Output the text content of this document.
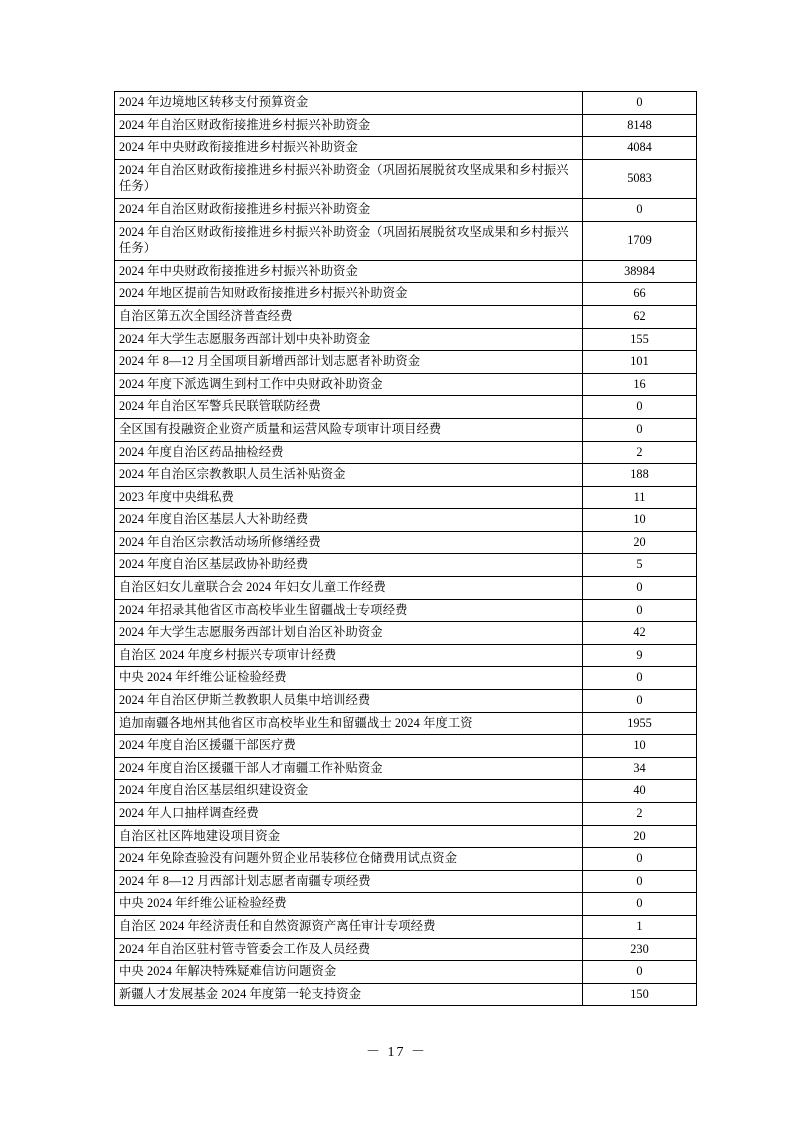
2024 年边境地区转移支付预算资金	0
2024 年自治区财政衔接推进乡村振兴补助资金	8148
2024 年中央财政衔接推进乡村振兴补助资金	4084
2024 年自治区财政衔接推进乡村振兴补助资金（巩固拓展脱贫攻坚成果和乡村振兴任务）	5083
2024 年自治区财政衔接推进乡村振兴补助资金	0
2024 年自治区财政衔接推进乡村振兴补助资金（巩固拓展脱贫攻坚成果和乡村振兴任务）	1709
2024 年中央财政衔接推进乡村振兴补助资金	38984
2024 年地区提前告知财政衔接推进乡村振兴补助资金	66
自治区第五次全国经济普查经费	62
2024 年大学生志愿服务西部计划中央补助资金	155
2024 年 8—12 月全国项目新增西部计划志愿者补助资金	101
2024 年度下派选调生到村工作中央财政补助资金	16
2024 年自治区军警兵民联管联防经费	0
全区国有投融资企业资产质量和运营风险专项审计项目经费	0
2024 年度自治区药品抽检经费	2
2024 年自治区宗教教职人员生活补贴资金	188
2023 年度中央缉私费	11
2024 年度自治区基层人大补助经费	10
2024 年自治区宗教活动场所修缮经费	20
2024 年度自治区基层政协补助经费	5
自治区妇女儿童联合会 2024 年妇女儿童工作经费	0
2024 年招录其他省区市高校毕业生留疆战士专项经费	0
2024 年大学生志愿服务西部计划自治区补助资金	42
自治区 2024 年度乡村振兴专项审计经费	9
中央 2024 年纤维公证检验经费	0
2024 年自治区伊斯兰教教职人员集中培训经费	0
追加南疆各地州其他省区市高校毕业生和留疆战士 2024 年度工资	1955
2024 年度自治区援疆干部医疗费	10
2024 年度自治区援疆干部人才南疆工作补贴资金	34
2024 年度自治区基层组织建设资金	40
2024 年人口抽样调查经费	2
自治区社区阵地建设项目资金	20
2024 年免除查验没有问题外贸企业吊装移位仓储费用试点资金	0
2024 年 8—12 月西部计划志愿者南疆专项经费	0
中央 2024 年纤维公证检验经费	0
自治区 2024 年经济责任和自然资源资产离任审计专项经费	1
2024 年自治区驻村管寺管委会工作及人员经费	230
中央 2024 年解决特殊疑难信访问题资金	0
新疆人才发展基金 2024 年度第一轮支持资金	150
－ 17 －
